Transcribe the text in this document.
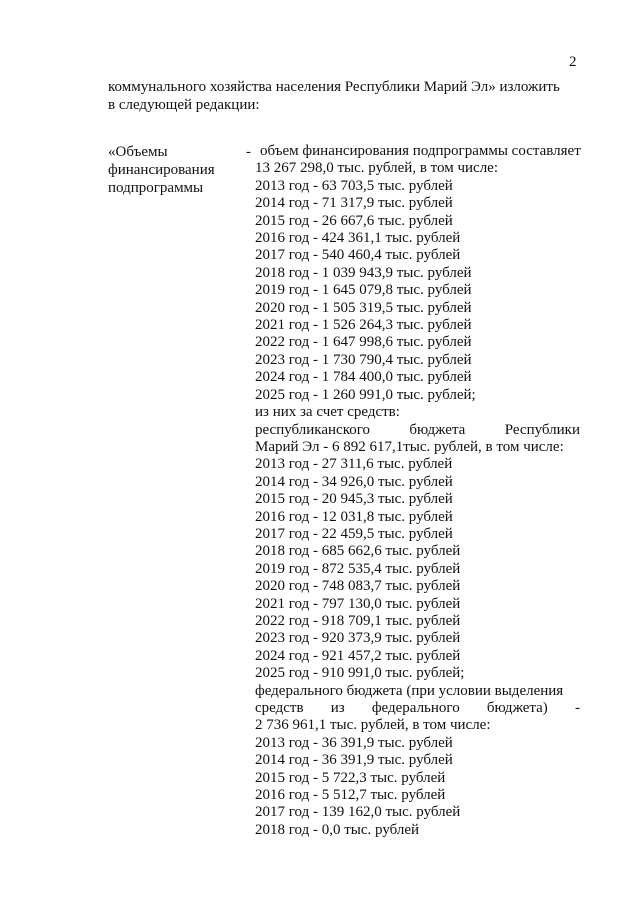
2
коммунального хозяйства населения Республики Марий Эл» изложить
в следующей редакции:
«Объемы
финансирования
подпрограммы
- объем финансирования подпрограммы составляет
13 267 298,0 тыс. рублей, в том числе:
2013 год - 63 703,5 тыс. рублей
2014 год - 71 317,9 тыс. рублей
2015 год - 26 667,6 тыс. рублей
2016 год - 424 361,1 тыс. рублей
2017 год - 540 460,4 тыс. рублей
2018 год - 1 039 943,9 тыс. рублей
2019 год - 1 645 079,8 тыс. рублей
2020 год - 1 505 319,5 тыс. рублей
2021 год - 1 526 264,3 тыс. рублей
2022 год - 1 647 998,6 тыс. рублей
2023 год - 1 730 790,4 тыс. рублей
2024 год - 1 784 400,0 тыс. рублей
2025 год - 1 260 991,0 тыс. рублей;
из них за счет средств:
республиканского	бюджета	Республики
Марий Эл - 6 892 617,1тыс. рублей, в том числе:
2013 год - 27 311,6 тыс. рублей
2014 год - 34 926,0 тыс. рублей
2015 год - 20 945,3 тыс. рублей
2016 год - 12 031,8 тыс. рублей
2017 год - 22 459,5 тыс. рублей
2018 год - 685 662,6 тыс. рублей
2019 год - 872 535,4 тыс. рублей
2020 год - 748 083,7 тыс. рублей
2021 год - 797 130,0 тыс. рублей
2022 год - 918 709,1 тыс. рублей
2023 год - 920 373,9 тыс. рублей
2024 год - 921 457,2 тыс. рублей
2025 год - 910 991,0 тыс. рублей;
федерального бюджета (при условии выделения
средств из федерального бюджета) -
2 736 961,1 тыс. рублей, в том числе:
2013 год - 36 391,9 тыс. рублей
2014 год - 36 391,9 тыс. рублей
2015 год - 5 722,3 тыс. рублей
2016 год - 5 512,7 тыс. рублей
2017 год - 139 162,0 тыс. рублей
2018 год - 0,0 тыс. рублей
